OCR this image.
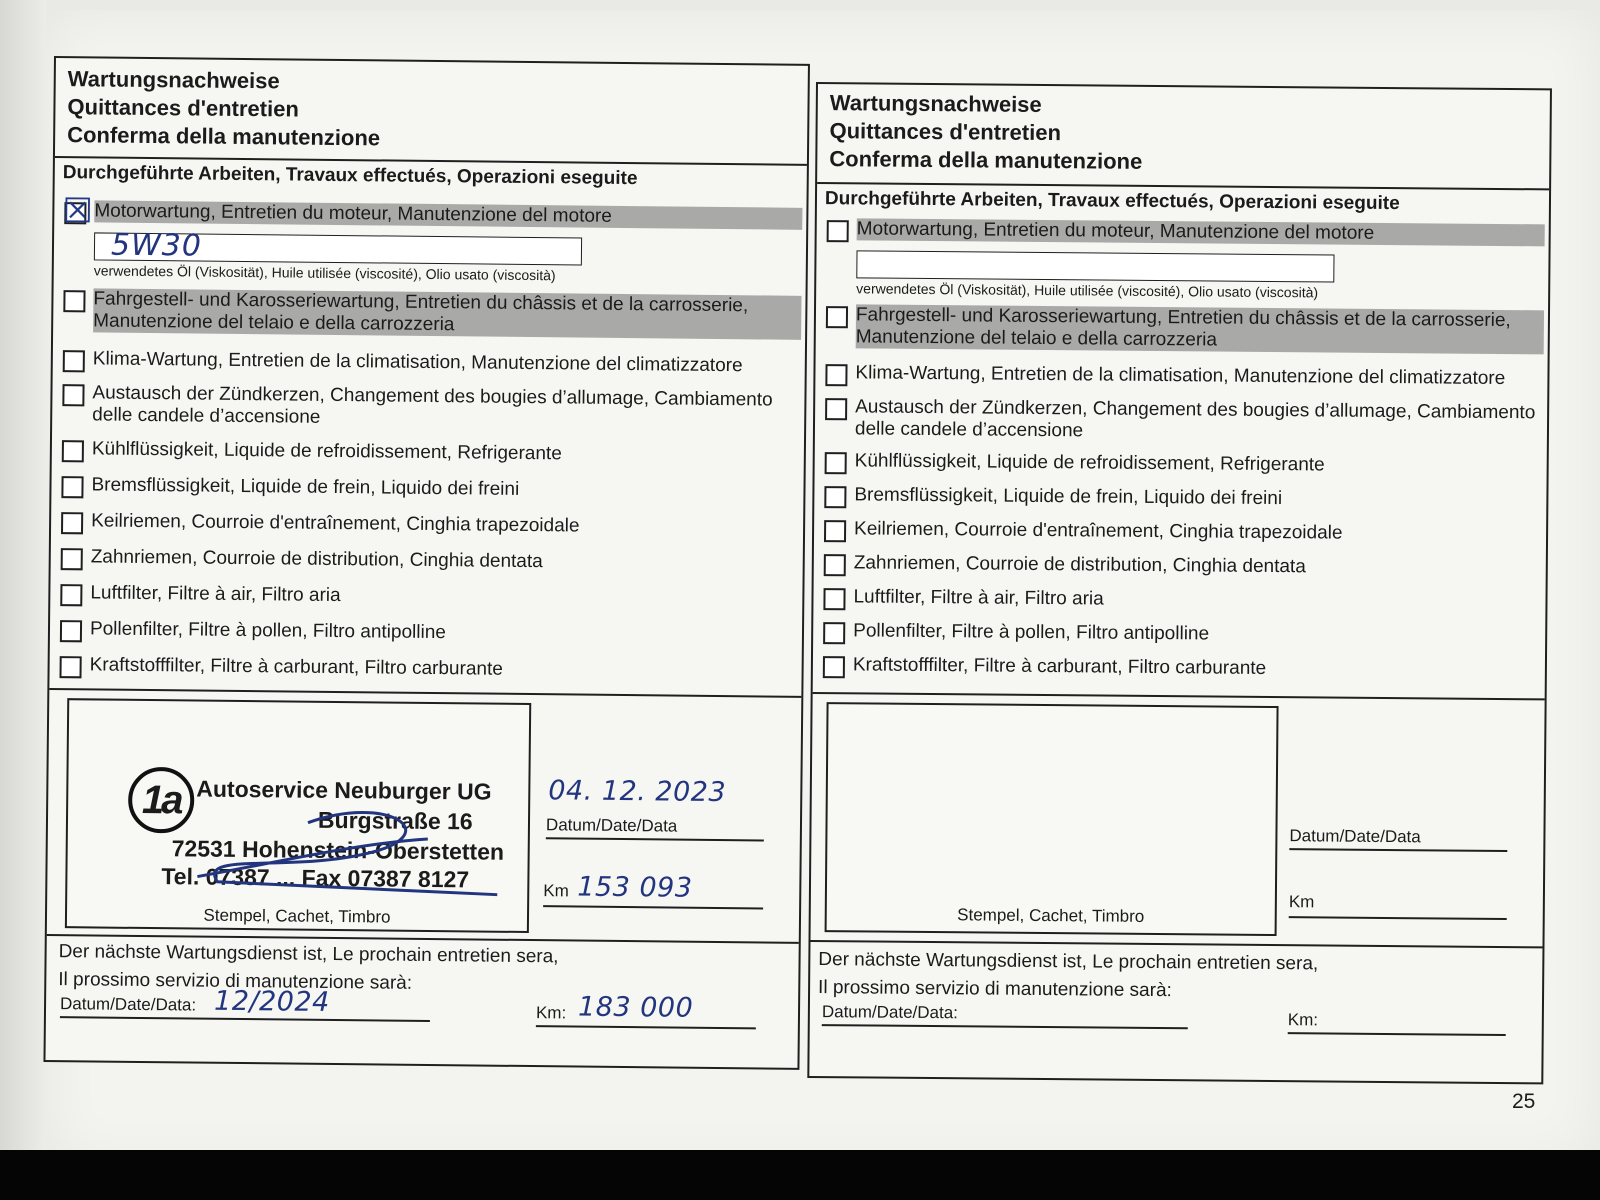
Wartungsnachweise
Quittances d'entretien
Conferma della manutenzione
Durchgeführte Arbeiten, Travaux effectués, Operazioni eseguite
☒ Motorwartung, Entretien du moteur, Manutenzione del motore
5W30
verwendetes Öl (Viskosität), Huile utilisée (viscosité), Olio usato (viscosità)
Fahrgestell- und Karosseriewartung, Entretien du châssis et de la carrosserie, Manutenzione del telaio e della carrozzeria
Klima-Wartung, Entretien de la climatisation, Manutenzione del climatizzatore
Austausch der Zündkerzen, Changement des bougies d’allumage, Cambiamento delle candele d’accensione
Kühlflüssigkeit, Liquide de refroidissement, Refrigerante
Bremsflüssigkeit, Liquide de frein, Liquido dei freini
Keilriemen, Courroie d'entraînement, Cinghia trapezoidale
Zahnriemen, Courroie de distribution, Cinghia dentata
Luftfilter, Filtre à air, Filtro aria
Pollenfilter, Filtre à pollen, Filtro antipolline
Kraftstofffilter, Filtre à carburant, Filtro carburante
1a Autoservice Neuburger UG
Burgstraße 16
72531 Hohenstein-Oberstetten
Tel. 07387 ... Fax 07387 8127
Stempel, Cachet, Timbro
04. 12. 2023
Datum/Date/Data
Km 153 093
Der nächste Wartungsdienst ist, Le prochain entretien sera,
Il prossimo servizio di manutenzione sarà:
Datum/Date/Data: 12/2024	Km: 183 000
Wartungsnachweise
Quittances d'entretien
Conferma della manutenzione
Durchgeführte Arbeiten, Travaux effectués, Operazioni eseguite
Motorwartung, Entretien du moteur, Manutenzione del motore
verwendetes Öl (Viskosität), Huile utilisée (viscosité), Olio usato (viscosità)
Fahrgestell- und Karosseriewartung, Entretien du châssis et de la carrosserie, Manutenzione del telaio e della carrozzeria
Klima-Wartung, Entretien de la climatisation, Manutenzione del climatizzatore
Austausch der Zündkerzen, Changement des bougies d’allumage, Cambiamento delle candele d’accensione
Kühlflüssigkeit, Liquide de refroidissement, Refrigerante
Bremsflüssigkeit, Liquide de frein, Liquido dei freini
Keilriemen, Courroie d'entraînement, Cinghia trapezoidale
Zahnriemen, Courroie de distribution, Cinghia dentata
Luftfilter, Filtre à air, Filtro aria
Pollenfilter, Filtre à pollen, Filtro antipolline
Kraftstofffilter, Filtre à carburant, Filtro carburante
Stempel, Cachet, Timbro
Datum/Date/Data
Km
Der nächste Wartungsdienst ist, Le prochain entretien sera,
Il prossimo servizio di manutenzione sarà:
Datum/Date/Data:	Km:
25
